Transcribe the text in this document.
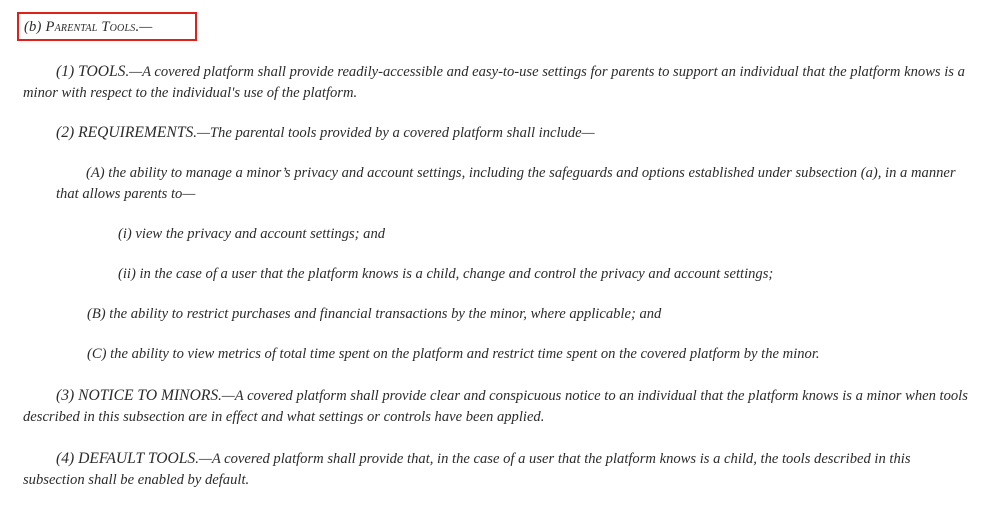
(b) Parental Tools.—

(1) TOOLS.—A covered platform shall provide readily-accessible and easy-to-use settings for parents to support an individual that the platform knows is a minor with respect to the individual's use of the platform.

(2) REQUIREMENTS.—The parental tools provided by a covered platform shall include—

(A) the ability to manage a minor’s privacy and account settings, including the safeguards and options established under subsection (a), in a manner that allows parents to—

(i) view the privacy and account settings; and

(ii) in the case of a user that the platform knows is a child, change and control the privacy and account settings;

(B) the ability to restrict purchases and financial transactions by the minor, where applicable; and

(C) the ability to view metrics of total time spent on the platform and restrict time spent on the covered platform by the minor.

(3) NOTICE TO MINORS.—A covered platform shall provide clear and conspicuous notice to an individual that the platform knows is a minor when tools described in this subsection are in effect and what settings or controls have been applied.

(4) DEFAULT TOOLS.—A covered platform shall provide that, in the case of a user that the platform knows is a child, the tools described in this subsection shall be enabled by default.
